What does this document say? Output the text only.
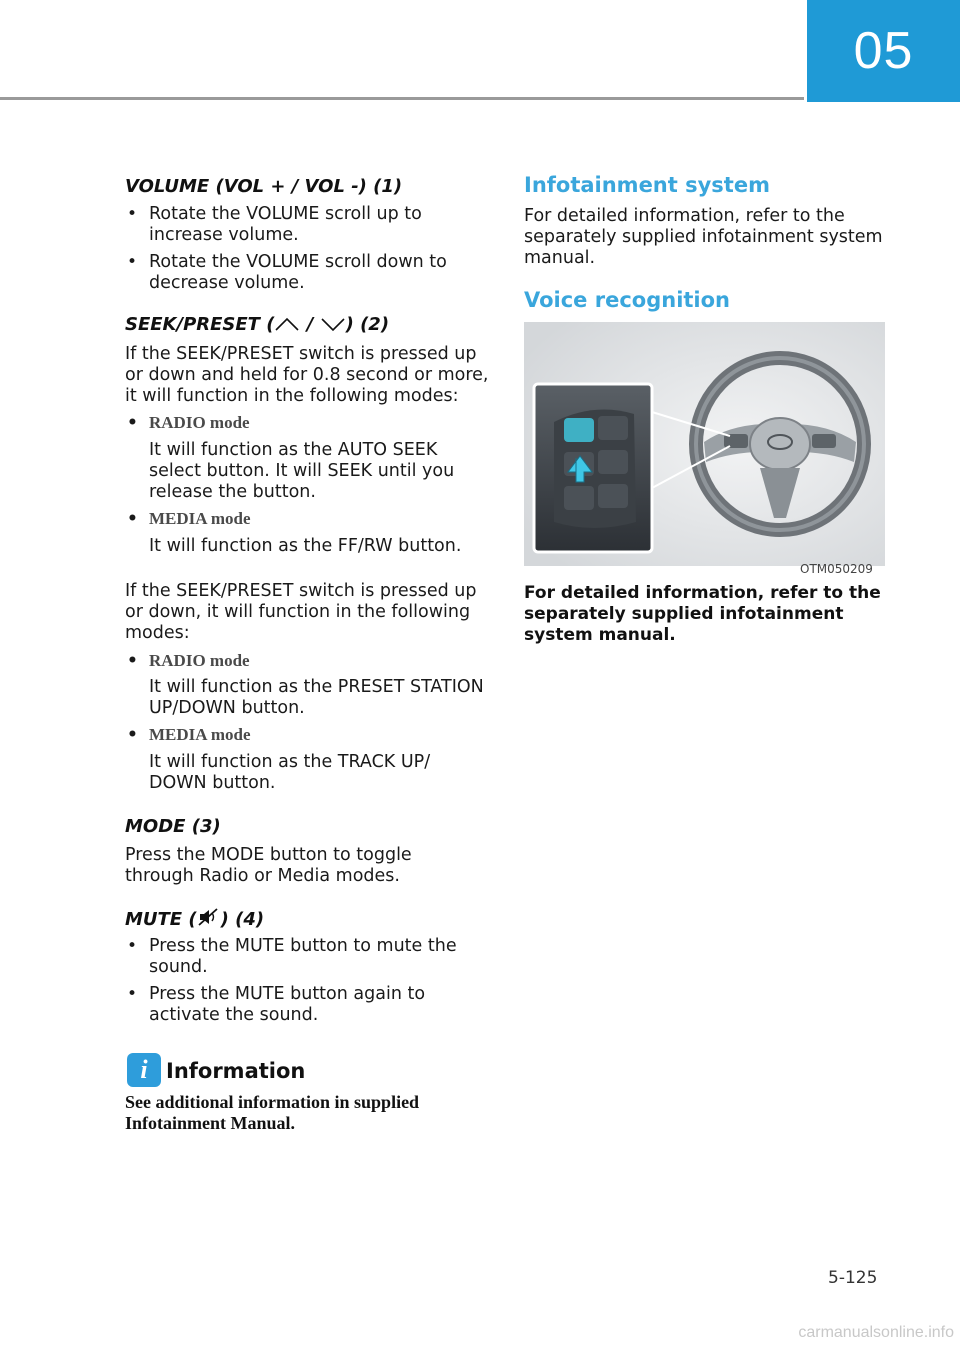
05
VOLUME (VOL + / VOL -) (1)
• Rotate the VOLUME scroll up to
increase volume.
• Rotate the VOLUME scroll down to
decrease volume.
SEEK/PRESET ( / ) (2)
If the SEEK/PRESET switch is pressed up
or down and held for 0.8 second or more,
it will function in the following modes:
• RADIO mode
It will function as the AUTO SEEK
select button. It will SEEK until you
release the button.
• MEDIA mode
It will function as the FF/RW button.
If the SEEK/PRESET switch is pressed up
or down, it will function in the following
modes:
• RADIO mode
It will function as the PRESET STATION
UP/DOWN button.
• MEDIA mode
It will function as the TRACK UP/
DOWN button.
MODE (3)
Press the MODE button to toggle
through Radio or Media modes.
MUTE ( ) (4)
• Press the MUTE button to mute the
sound.
• Press the MUTE button again to
activate the sound.
i Information
See additional information in supplied
Infotainment Manual.
Infotainment system
For detailed information, refer to the
separately supplied infotainment system
manual.
Voice recognition
OTM050209
For detailed information, refer to the
separately supplied infotainment
system manual.
5-125
carmanualsonline.info
